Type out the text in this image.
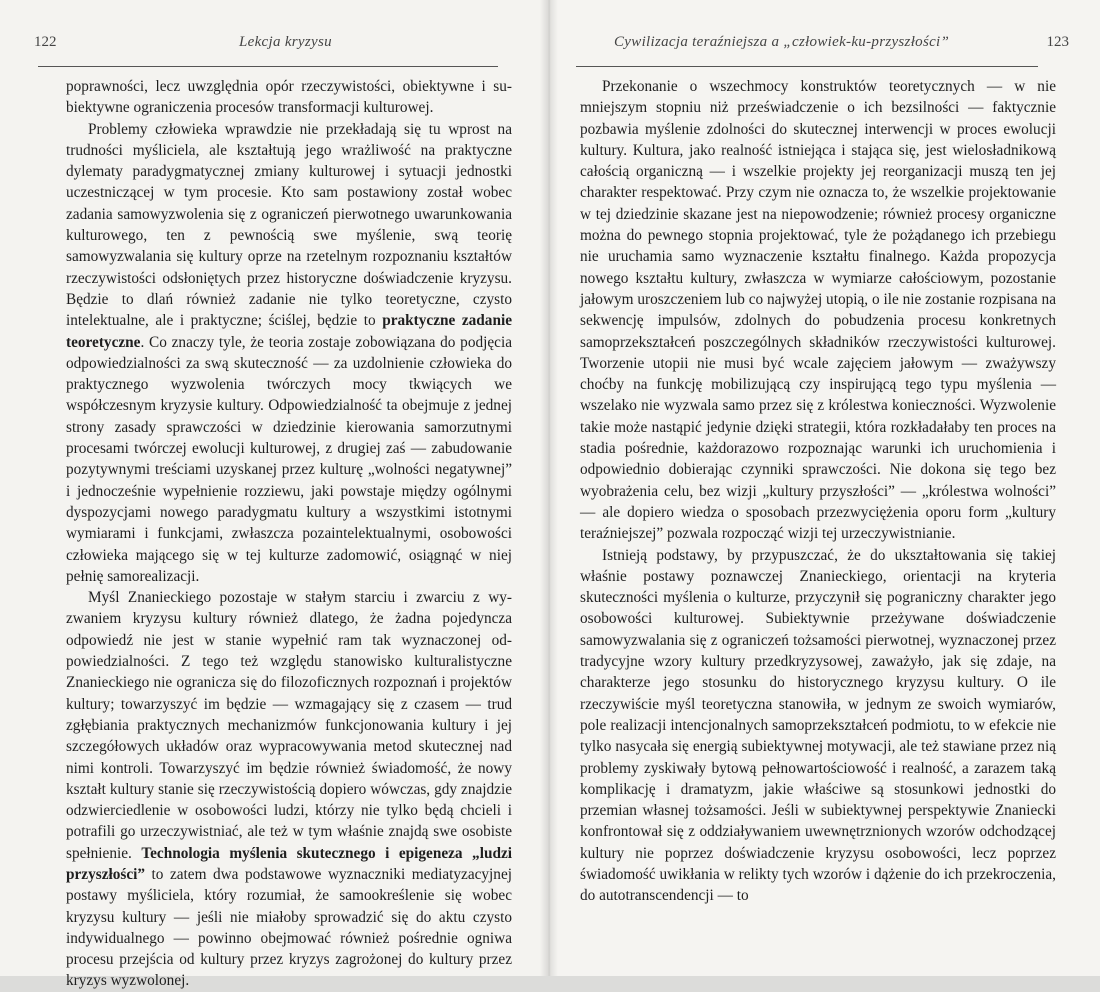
122	Lekcja kryzysu

poprawności, lecz uwzględnia opór rzeczywistości, obiektywne i subiektywne ograniczenia procesów transformacji kulturowej.

Problemy człowieka wprawdzie nie przekładają się tu wprost na trudności myśliciela, ale kształtują jego wrażliwość na praktyczne dylematy paradygmatycznej zmiany kulturowej i sytuacji jednostki uczestniczącej w tym procesie. Kto sam postawiony został wobec zadania samowyzwolenia się z ograniczeń pierwotnego uwarunkowania kulturowego, ten z pewnością swe myślenie, swą teorię samowyzwalania się kultury oprze na rzetelnym rozpoznaniu kształtów rzeczywistości odsłoniętych przez historyczne doświadczenie kryzysu. Będzie to dlań również zadanie nie tylko teoretyczne, czysto intelektualne, ale i praktyczne; ściślej, będzie to praktyczne zadanie teoretyczne. Co znaczy tyle, że teoria zostaje zobowiązana do podjęcia odpowiedzialności za swą skuteczność — za uzdolnienie człowieka do praktycznego wyzwolenia twórczych mocy tkwiących we współczesnym kryzysie kultury. Odpowiedzialność ta obejmuje z jednej strony zasady sprawczości w dziedzinie kierowania samorzutnymi procesami twórczej ewolucji kulturowej, z drugiej zaś — zabudowanie pozytywnymi treściami uzyskanej przez kulturę „wolności negatywnej” i jednocześnie wypełnienie rozziewu, jaki powstaje między ogólnymi dyspozycjami nowego paradygmatu kultury a wszystkimi istotnymi wymiarami i funkcjami, zwłaszcza pozaintelektualnymi, osobowości człowieka mającego się w tej kulturze zadomowić, osiągnąć w niej pełnię samorealizacji.

Myśl Znanieckiego pozostaje w stałym starciu i zwarciu z wyzwaniem kryzysu kultury również dlatego, że żadna pojedyncza odpowiedź nie jest w stanie wypełnić ram tak wyznaczonej odpowiedzialności. Z tego też względu stanowisko kulturalistyczne Znanieckiego nie ogranicza się do filozoficznych rozpoznań i projektów kultury; towarzyszyć im będzie — wzmagający się z czasem — trud zgłębiania praktycznych mechanizmów funkcjonowania kultury i jej szczegółowych układów oraz wypracowywania metod skutecznej nad nimi kontroli. Towarzyszyć im będzie również świadomość, że nowy kształt kultury stanie się rzeczywistością dopiero wówczas, gdy znajdzie odzwierciedlenie w osobowości ludzi, którzy nie tylko będą chcieli i potrafili go urzeczywistniać, ale też w tym właśnie znajdą swe osobiste spełnienie. Technologia myślenia skutecznego i epigeneza „ludzi przyszłości” to zatem dwa podstawowe wyznaczniki mediatyzacyjnej postawy myśliciela, który rozumiał, że samookreślenie się wobec kryzysu kultury — jeśli nie miałoby sprowadzić się do aktu czysto indywidualnego — powinno obejmować również pośrednie ogniwa procesu przejścia od kultury przez kryzys zagrożonej do kultury przez kryzys wyzwolonej.

Cywilizacja teraźniejsza a „człowiek-ku-przyszłości”	123

Przekonanie o wszechmocy konstruktów teoretycznych — w nie mniejszym stopniu niż przeświadczenie o ich bezsilności — faktycznie pozbawia myślenie zdolności do skutecznej interwencji w proces ewolucji kultury. Kultura, jako realność istniejąca i stająca się, jest wielosładnikową całością organiczną — i wszelkie projekty jej reorganizacji muszą ten jej charakter respektować. Przy czym nie oznacza to, że wszelkie projektowanie w tej dziedzinie skazane jest na niepowodzenie; również procesy organiczne można do pewnego stopnia projektować, tyle że pożądanego ich przebiegu nie uruchamia samo wyznaczenie kształtu finalnego. Każda propozycja nowego kształtu kultury, zwłaszcza w wymiarze całościowym, pozostanie jałowym uroszczeniem lub co najwyżej utopią, o ile nie zostanie rozpisana na sekwencję impulsów, zdolnych do pobudzenia procesu konkretnych samoprzekształceń poszczególnych składników rzeczywistości kulturowej. Tworzenie utopii nie musi być wcale zajęciem jałowym — zważywszy choćby na funkcję mobilizującą czy inspirującą tego typu myślenia — wszelako nie wyzwala samo przez się z królestwa konieczności. Wyzwolenie takie może nastąpić jedynie dzięki strategii, która rozkładałaby ten proces na stadia pośrednie, każdorazowo rozpoznając warunki ich uruchomienia i odpowiednio dobierając czynniki sprawczości. Nie dokona się tego bez wyobrażenia celu, bez wizji „kultury przyszłości” — „królestwa wolności” — ale dopiero wiedza o sposobach przezwyciężenia oporu form „kultury teraźniejszej” pozwala rozpocząć wizji tej urzeczywistnianie.

Istnieją podstawy, by przypuszczać, że do ukształtowania się takiej właśnie postawy poznawczej Znanieckiego, orientacji na kryteria skuteczności myślenia o kulturze, przyczynił się pograniczny charakter jego osobowości kulturowej. Subiektywnie przeżywane doświadczenie samowyzwalania się z ograniczeń tożsamości pierwotnej, wyznaczonej przez tradycyjne wzory kultury przedkryzysowej, zaważyło, jak się zdaje, na charakterze jego stosunku do historycznego kryzysu kultury. O ile rzeczywiście myśl teoretyczna stanowiła, w jednym ze swoich wymiarów, pole realizacji intencjonalnych samoprzekształceń podmiotu, to w efekcie nie tylko nasycała się energią subiektywnej motywacji, ale też stawiane przez nią problemy zyskiwały bytową pełnowartościowość i realność, a zarazem taką komplikację i dramatyzm, jakie właściwe są stosunkowi jednostki do przemian własnej tożsamości. Jeśli w subiektywnej perspektywie Znaniecki konfrontował się z oddziaływaniem uwewnętrznionych wzorów odchodzącej kultury nie poprzez doświadczenie kryzysu osobowości, lecz poprzez świadomość uwikłania w relikty tych wzorów i dążenie do ich przekroczenia, do autotranscendencji — to
